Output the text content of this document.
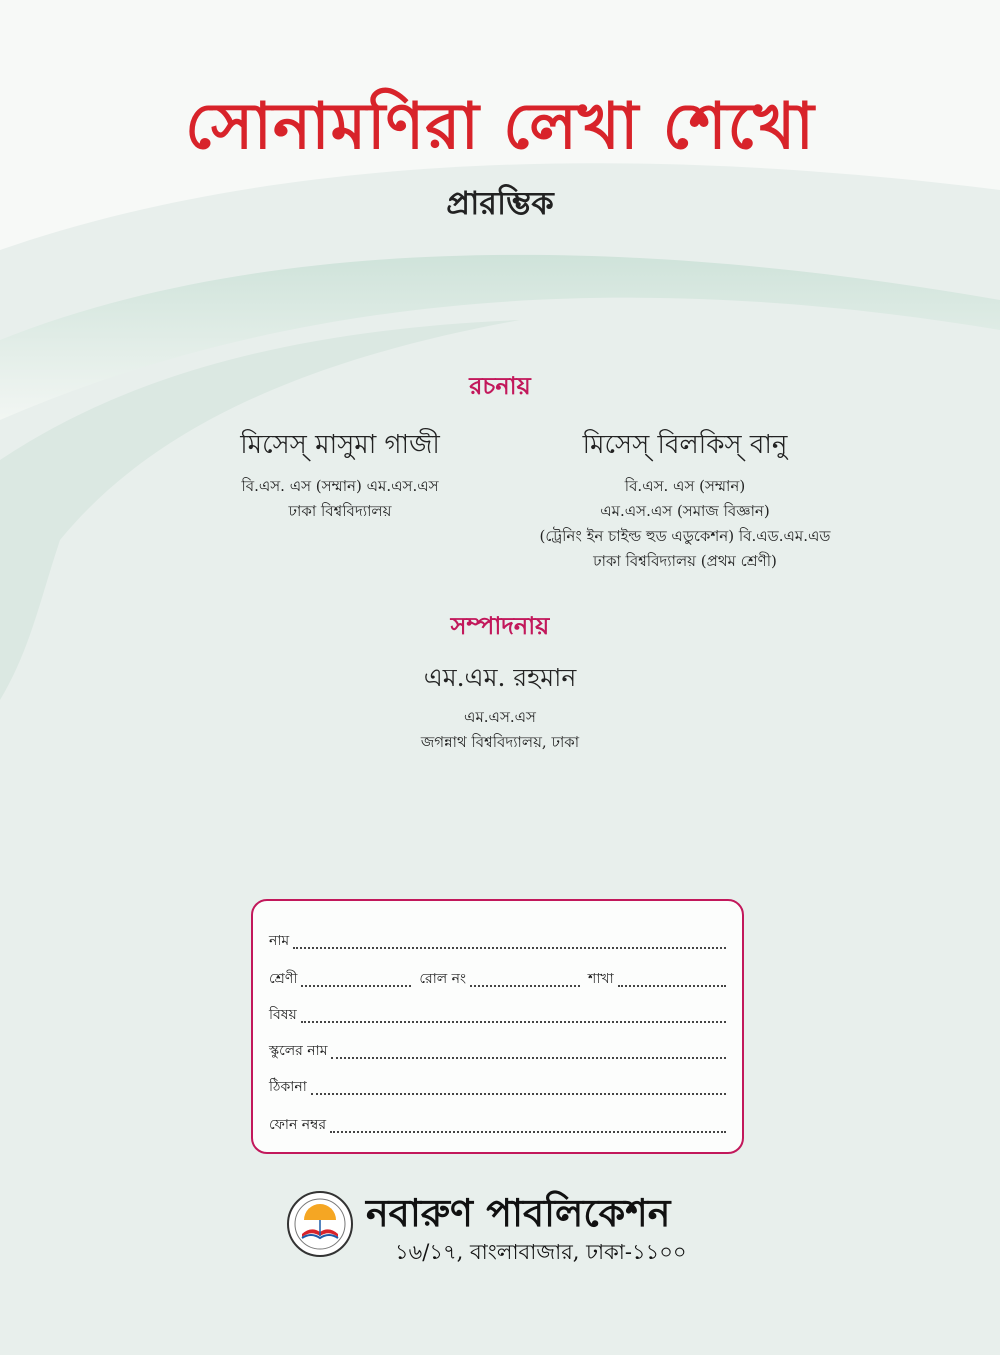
সোনামণিরা লেখা শেখো
প্রারম্ভিক
রচনায়
মিসেস্ মাসুমা গাজী
বি.এস. এস (সম্মান) এম.এস.এস
ঢাকা বিশ্ববিদ্যালয়
মিসেস্ বিলকিস্ বানু
বি.এস. এস (সম্মান)
এম.এস.এস (সমাজ বিজ্ঞান)
(ট্রেনিং ইন চাইল্ড হুড এডুকেশন) বি.এড.এম.এড
ঢাকা বিশ্ববিদ্যালয় (প্রথম শ্রেণী)
সম্পাদনায়
এম.এম. রহমান
এম.এস.এস
জগন্নাথ বিশ্ববিদ্যালয়, ঢাকা
নাম
শ্রেণী	রোল নং	শাখা
বিষয়
স্কুলের নাম
ঠিকানা
ফোন নম্বর
নবারুণ পাবলিকেশন
১৬/১৭, বাংলাবাজার, ঢাকা-১১০০
